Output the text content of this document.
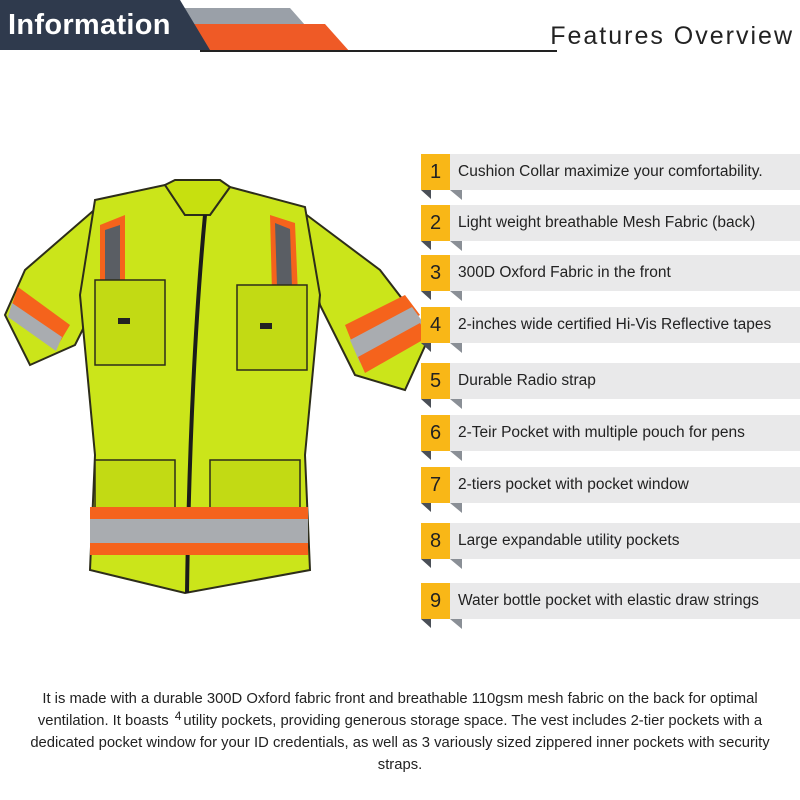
Information	Features Overview
1	Cushion Collar maximize your comfortability.
2	Light weight breathable Mesh Fabric (back)
3	300D Oxford Fabric in the front
4	2-inches wide certified Hi-Vis Reflective tapes
5	Durable Radio strap
6	2-Teir Pocket with multiple pouch for pens
7	2-tiers pocket with pocket window
8	Large expandable utility pockets
9	Water bottle pocket with elastic draw strings
It is made with a durable 300D Oxford fabric front and breathable 110gsm mesh fabric on the back for optimal ventilation. It boasts $^4$ utility pockets, providing generous storage space. The vest includes 2-tier pockets with a dedicated pocket window for your ID credentials, as well as 3 variously sized zippered inner pockets with security straps.
